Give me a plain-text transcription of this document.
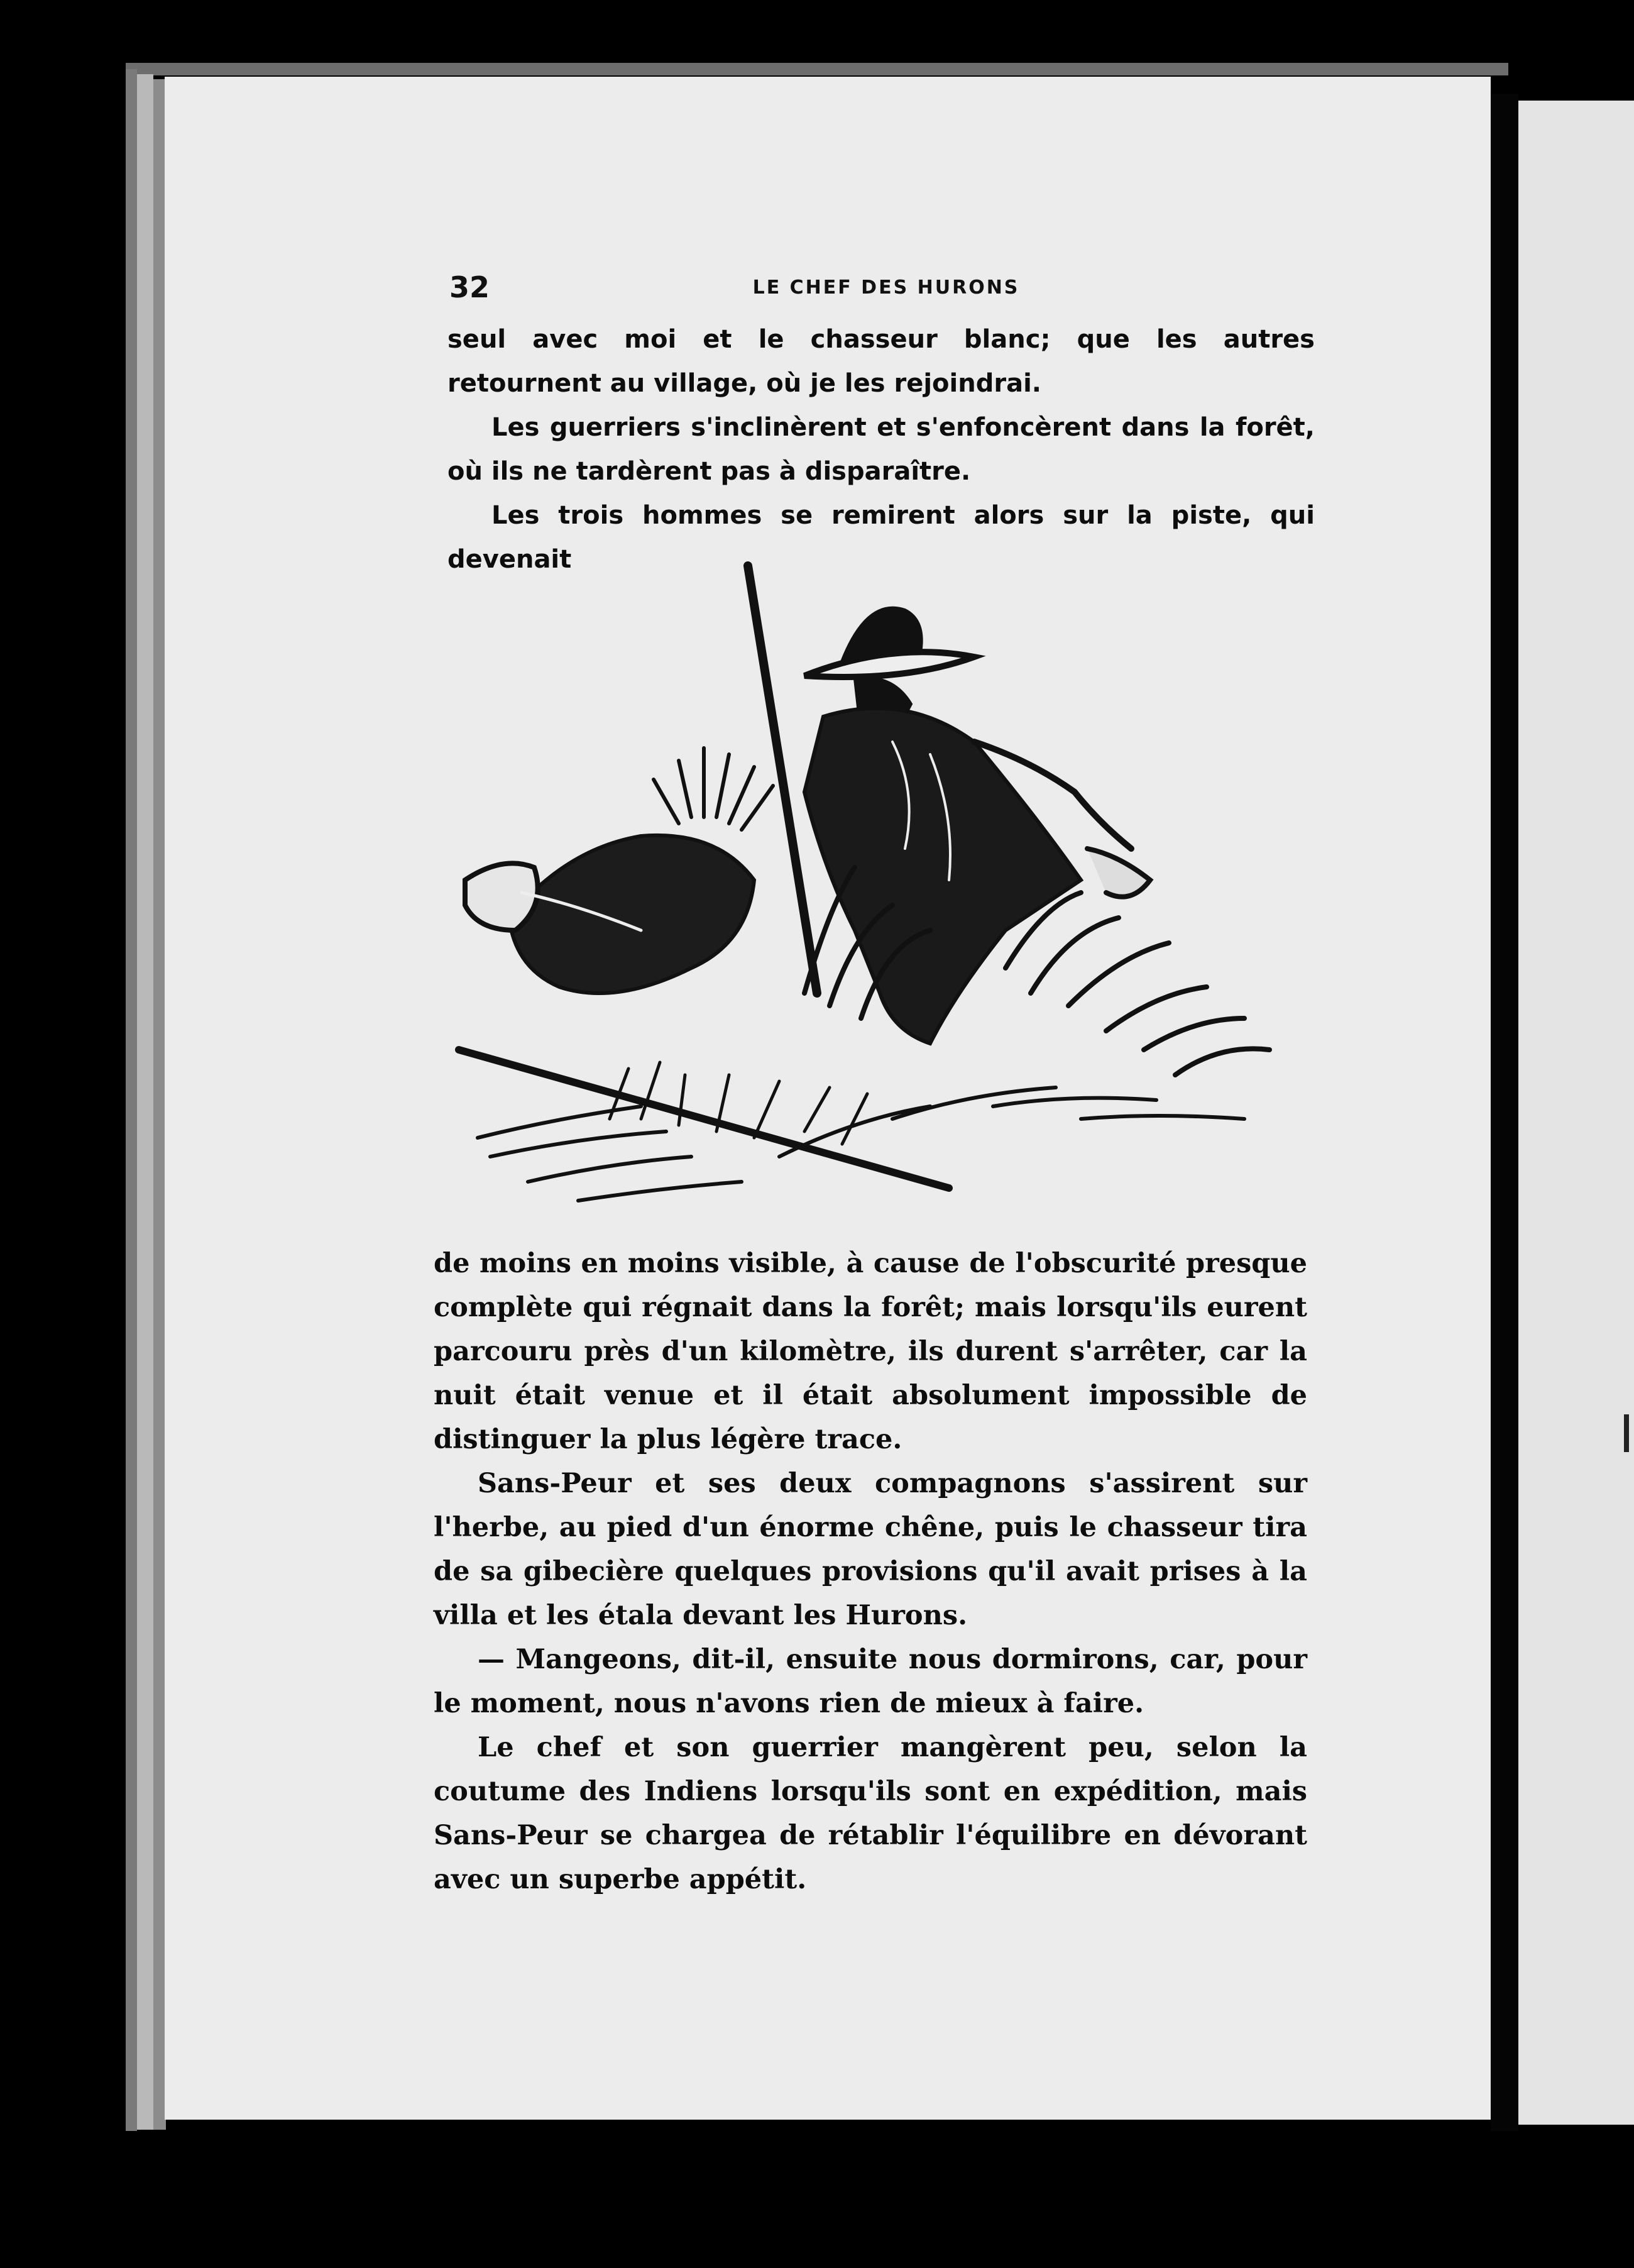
32	LE CHEF DES HURONS

seul avec moi et le chasseur blanc; que les autres retournent au village, où je les rejoindrai.

Les guerriers s'inclinèrent et s'enfoncèrent dans la forêt, où ils ne tardèrent pas à disparaître.

Les trois hommes se remirent alors sur la piste, qui devenait

de moins en moins visible, à cause de l'obscurité presque complète qui régnait dans la forêt; mais lorsqu'ils eurent parcouru près d'un kilomètre, ils durent s'arrêter, car la nuit était venue et il était absolument impossible de distinguer la plus légère trace.

Sans-Peur et ses deux compagnons s'assirent sur l'herbe, au pied d'un énorme chêne, puis le chasseur tira de sa gibecière quelques provisions qu'il avait prises à la villa et les étala devant les Hurons.

— Mangeons, dit-il, ensuite nous dormirons, car, pour le moment, nous n'avons rien de mieux à faire.

Le chef et son guerrier mangèrent peu, selon la coutume des Indiens lorsqu'ils sont en expédition, mais Sans-Peur se chargea de rétablir l'équilibre en dévorant avec un superbe appétit.
